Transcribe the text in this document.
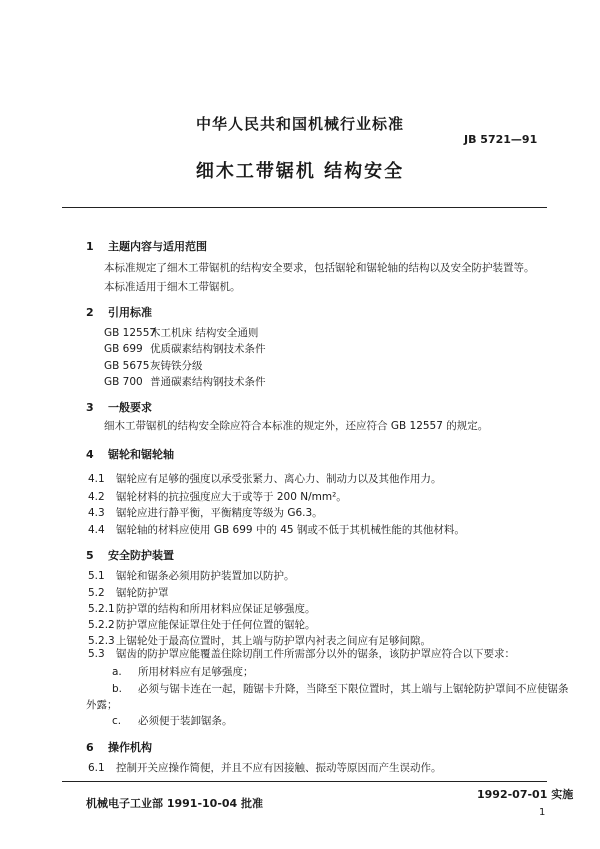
中华人民共和国机械行业标准
JB 5721—91
细木工带锯机 结构安全
1 主题内容与适用范围
本标准规定了细木工带锯机的结构安全要求，包括锯轮和锯轮轴的结构以及安全防护装置等。
本标准适用于细木工带锯机。
2 引用标准
GB 12557木工机床 结构安全通则
GB 699 优质碳素结构钢技术条件
GB 5675灰铸铁分级
GB 700 普通碳素结构钢技术条件
3 一般要求
细木工带锯机的结构安全除应符合本标准的规定外，还应符合 GB 12557 的规定。
4 锯轮和锯轮轴
4.1 锯轮应有足够的强度以承受张紧力、离心力、制动力以及其他作用力。
4.2 锯轮材料的抗拉强度应大于或等于 200 N/mm²。
4.3 锯轮应进行静平衡，平衡精度等级为 G6.3。
4.4 锯轮轴的材料应使用 GB 699 中的 45 钢或不低于其机械性能的其他材料。
5 安全防护装置
5.1 锯轮和锯条必须用防护装置加以防护。
5.2 锯轮防护罩
5.2.1防护罩的结构和所用材料应保证足够强度。
5.2.2防护罩应能保证罩住处于任何位置的锯轮。
5.2.3上锯轮处于最高位置时，其上端与防护罩内衬表之间应有足够间隙。
5.3 锯齿的防护罩应能覆盖住除切削工件所需部分以外的锯条，该防护罩应符合以下要求：
a. 所用材料应有足够强度；
b. 必须与锯卡连在一起，随锯卡升降，当降至下限位置时，其上端与上锯轮防护罩间不应使锯条
外露；
c. 必须便于装卸锯条。
6 操作机构
6.1 控制开关应操作简便，并且不应有因接触、振动等原因而产生误动作。
机械电子工业部 1991-10-04 批准
1992-07-01 实施
1
